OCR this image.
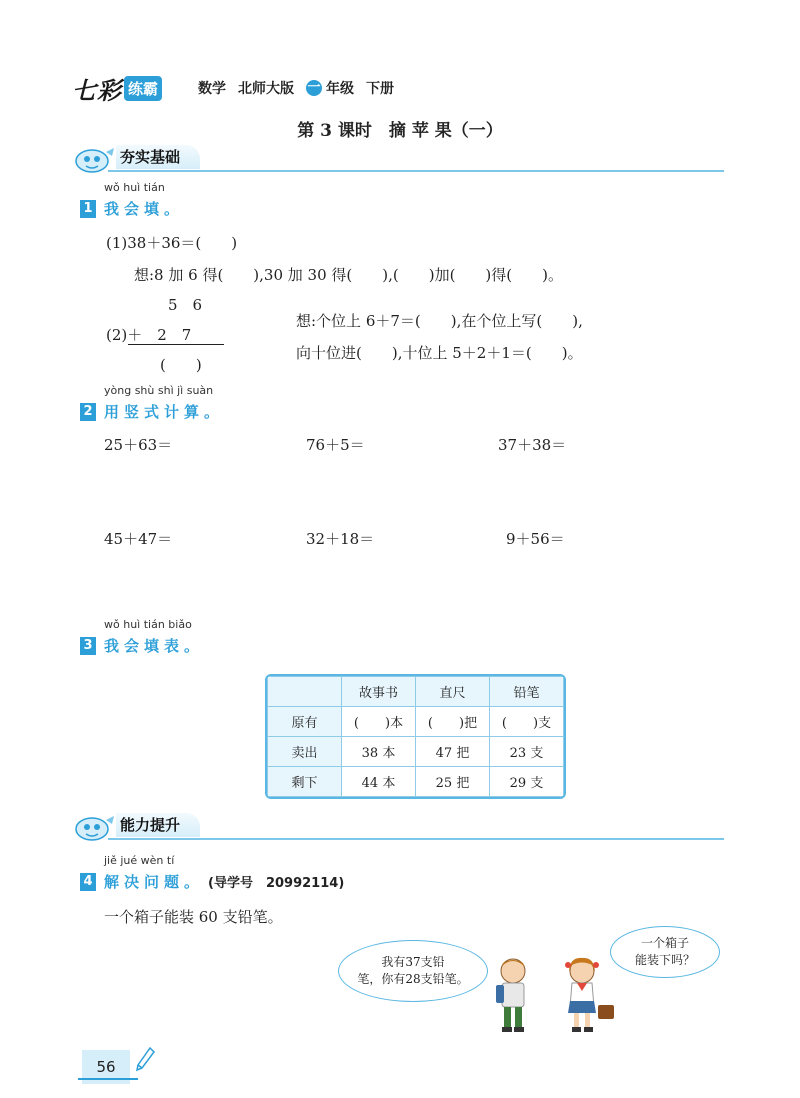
七彩 练霸	数学 北师大版 一 年级 下册
第 3 课时　摘 苹 果（一）
夯实基础
wǒ huì tián
1 我会填。
(1)38＋36＝(　　)
想:8 加 6 得(　　),30 加 30 得(　　),(　　)加(　　)得(　　)。
5　6
(2)＋　2　7
(　　)
想:个位上 6＋7＝(　　),在个位上写(　　),
向十位进(　　),十位上 5＋2＋1＝(　　)。
yòng shù shì jì suàn
2 用竖式计算。
25＋63＝	76＋5＝	37＋38＝
45＋47＝	32＋18＝	9＋56＝
wǒ huì tián biǎo
3 我会填表。
	故事书	直尺	铅笔
原有	(　　)本	(　　)把	(　　)支
卖出	38 本	47 把	23 支
剩下	44 本	25 把	29 支
能力提升
jiě jué wèn tí
4 解决问题。 (导学号　20992114)
一个箱子能装 60 支铅笔。
我有37支铅
笔，你有28支铅笔。
一个箱子
能装下吗？
56
